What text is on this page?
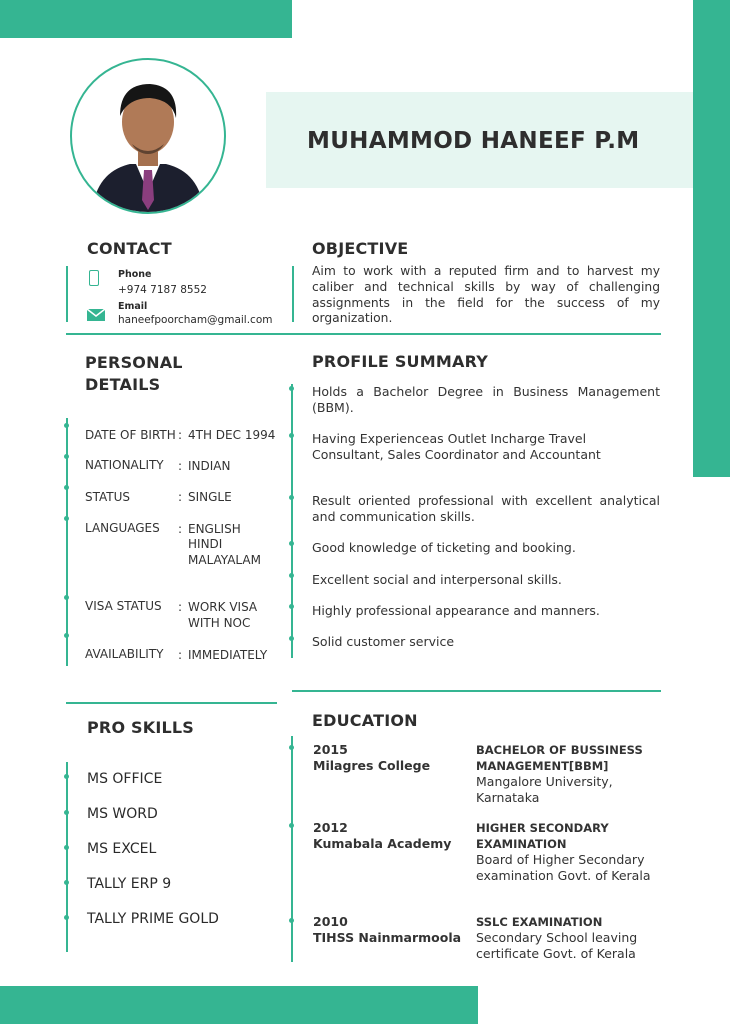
MUHAMMOD HANEEF P.M
CONTACT
Phone
+974 7187 8552
Email
haneefpoorcham@gmail.com
OBJECTIVE
Aim to work with a reputed firm and to harvest my caliber and technical skills by way of challenging assignments in the field for the success of my organization.
PERSONAL
DETAILS
DATE OF BIRTH : 4TH DEC 1994
NATIONALITY : INDIAN
STATUS	: SINGLE
LANGUAGES : ENGLISH
HINDI
MALAYALAM
VISA STATUS : WORK VISA
WITH NOC
AVAILABILITY : IMMEDIATELY
PROFILE SUMMARY
Holds a Bachelor Degree in Business Management (BBM).
Having Experienceas Outlet Incharge Travel Consultant, Sales Coordinator and Accountant
Result oriented professional with excellent analytical and communication skills.
Good knowledge of ticketing and booking.
Excellent social and interpersonal skills.
Highly professional appearance and manners.
Solid customer service
PRO SKILLS
MS OFFICE
MS WORD
MS EXCEL
TALLY ERP 9
TALLY PRIME GOLD
EDUCATION
2015
Milagres College
BACHELOR OF BUSSINESS
MANAGEMENT[BBM]
Mangalore University,
Karnataka
2012
Kumabala Academy
HIGHER SECONDARY
EXAMINATION
Board of Higher Secondary
examination Govt. of Kerala
2010
TIHSS Nainmarmoola
SSLC EXAMINATION
Secondary School leaving
certificate Govt. of Kerala
